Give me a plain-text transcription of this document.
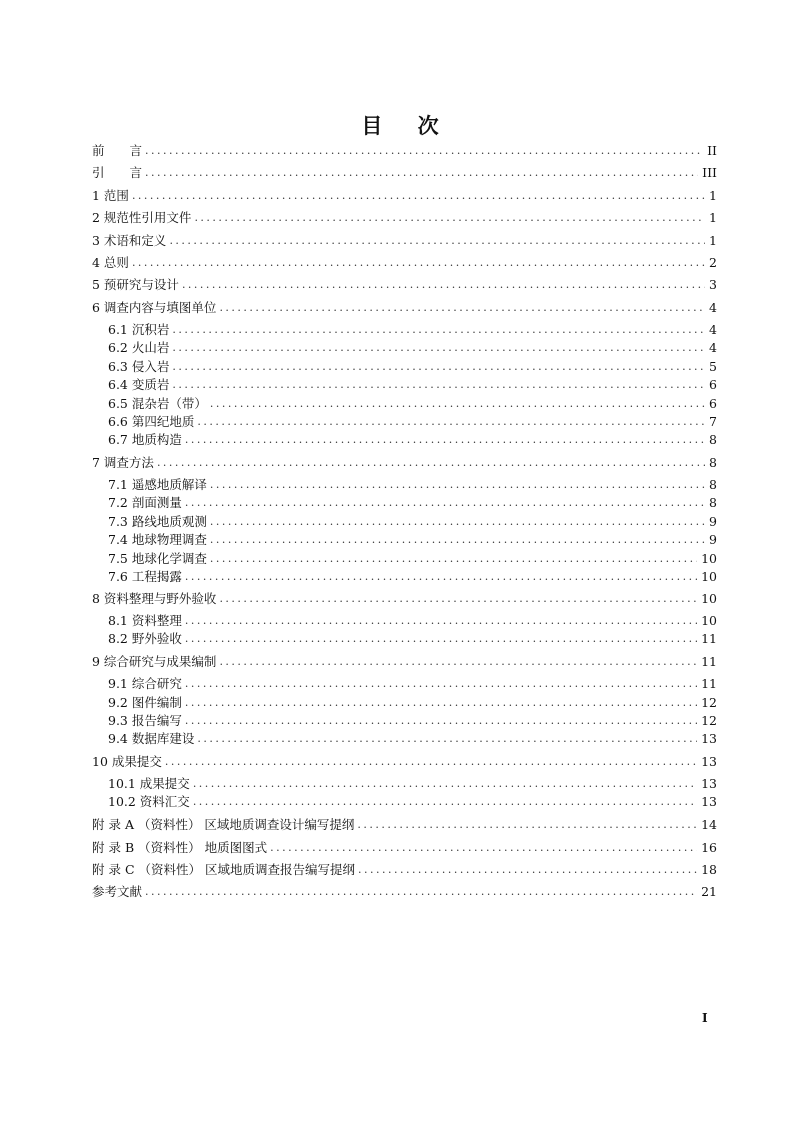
目 次
前　　言 .....	II
引　　言 .....	III
1 范围 .....	1
2 规范性引用文件 .....	1
3 术语和定义 .....	1
4 总则 .....	2
5 预研究与设计 .....	3
6 调查内容与填图单位 .....	4
6.1 沉积岩 .....	4
6.2 火山岩 .....	4
6.3 侵入岩 .....	5
6.4 变质岩 .....	6
6.5 混杂岩（带） .....	6
6.6 第四纪地质 .....	7
6.7 地质构造 .....	8
7 调查方法 .....	8
7.1 遥感地质解译 .....	8
7.2 剖面测量 .....	8
7.3 路线地质观测 .....	9
7.4 地球物理调查 .....	9
7.5 地球化学调查 .....	10
7.6 工程揭露 .....	10
8 资料整理与野外验收 .....	10
8.1 资料整理 .....	10
8.2 野外验收 .....	11
9 综合研究与成果编制 .....	11
9.1 综合研究 .....	11
9.2 图件编制 .....	12
9.3 报告编写 .....	12
9.4 数据库建设 .....	13
10 成果提交 .....	13
10.1 成果提交 .....	13
10.2 资料汇交 .....	13
附 录 A （资料性） 区域地质调查设计编写提纲 .....	14
附 录 B （资料性） 地质图图式 .....	16
附 录 C （资料性） 区域地质调查报告编写提纲 .....	18
参考文献 .....	21
I
